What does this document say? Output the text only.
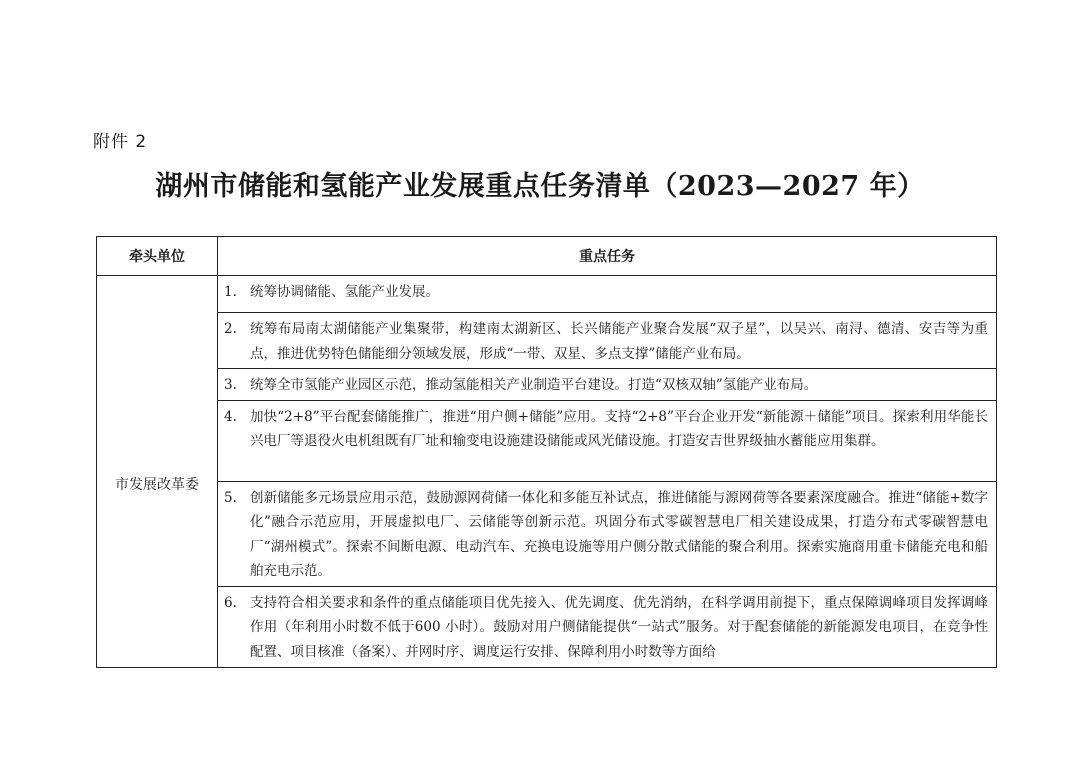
附件 2
湖州市储能和氢能产业发展重点任务清单（2023—2027 年）
牵头单位	重点任务
市发展改革委	1. 统筹协调储能、氢能产业发展。

	2. 统筹布局南太湖储能产业集聚带，构建南太湖新区、长兴储能产业聚合发展“双子星”，以吴兴、南浔、德清、安吉等为重点，推进优势特色储能细分领域发展，形成“一带、双星、多点支撑”储能产业布局。

	3. 统筹全市氢能产业园区示范，推动氢能相关产业制造平台建设。打造“双核双轴”氢能产业布局。

	4. 加快“2+8”平台配套储能推广，推进“用户侧+储能”应用。支持“2+8”平台企业开发“新能源＋储能”项目。探索利用华能长兴电厂等退役火电机组既有厂址和输变电设施建设储能或风光储设施。打造安吉世界级抽水蓄能应用集群。

	5. 创新储能多元场景应用示范，鼓励源网荷储一体化和多能互补试点，推进储能与源网荷等各要素深度融合。推进“储能+数字化”融合示范应用，开展虚拟电厂、云储能等创新示范。巩固分布式零碳智慧电厂相关建设成果，打造分布式零碳智慧电厂“湖州模式”。探索不间断电源、电动汽车、充换电设施等用户侧分散式储能的聚合利用。探索实施商用重卡储能充电和船舶充电示范。

	6. 支持符合相关要求和条件的重点储能项目优先接入、优先调度、优先消纳，在科学调用前提下，重点保障调峰项目发挥调峰作用（年利用小时数不低于600 小时）。鼓励对用户侧储能提供“一站式”服务。对于配套储能的新能源发电项目，在竞争性配置、项目核准（备案）、并网时序、调度运行安排、保障利用小时数等方面给
